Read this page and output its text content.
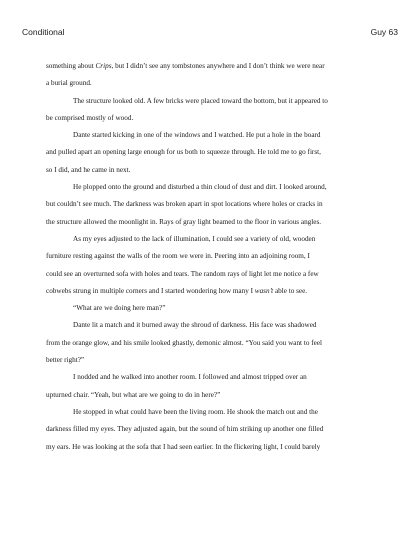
Conditional	Guy 63
something about Crips, but I didn’t see any tombstones anywhere and I don’t think we were near
a burial ground.
The structure looked old. A few bricks were placed toward the bottom, but it appeared to
be comprised mostly of wood.
Dante started kicking in one of the windows and I watched. He put a hole in the board
and pulled apart an opening large enough for us both to squeeze through. He told me to go first,
so I did, and he came in next.
He plopped onto the ground and disturbed a thin cloud of dust and dirt. I looked around,
but couldn’t see much. The darkness was broken apart in spot locations where holes or cracks in
the structure allowed the moonlight in. Rays of gray light beamed to the floor in various angles.
As my eyes adjusted to the lack of illumination, I could see a variety of old, wooden
furniture resting against the walls of the room we were in. Peering into an adjoining room, I
could see an overturned sofa with holes and tears. The random rays of light let me notice a few
cobwebs strung in multiple corners and I started wondering how many I wasn’t able to see.
“What are we doing here man?”
Dante lit a match and it burned away the shroud of darkness. His face was shadowed
from the orange glow, and his smile looked ghastly, demonic almost. “You said you want to feel
better right?”
I nodded and he walked into another room. I followed and almost tripped over an
upturned chair. “Yeah, but what are we going to do in here?”
He stopped in what could have been the living room. He shook the match out and the
darkness filled my eyes. They adjusted again, but the sound of him striking up another one filled
my ears. He was looking at the sofa that I had seen earlier. In the flickering light, I could barely
